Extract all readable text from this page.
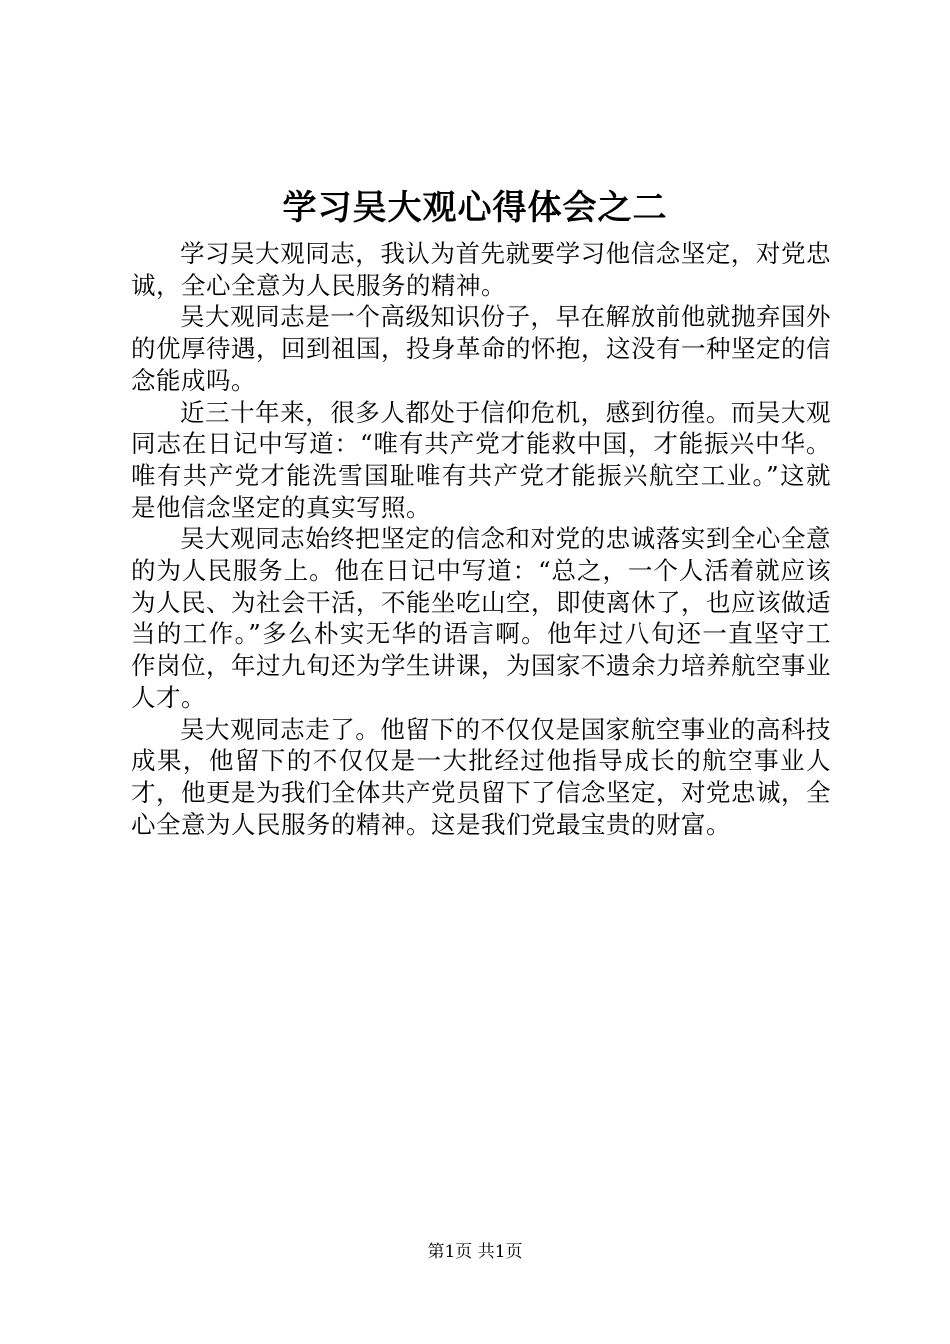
学习吴大观心得体会之二

学习吴大观同志，我认为首先就要学习他信念坚定，对党忠诚，全心全意为人民服务的精神。

吴大观同志是一个高级知识份子，早在解放前他就抛弃国外的优厚待遇，回到祖国，投身革命的怀抱，这没有一种坚定的信念能成吗。

近三十年来，很多人都处于信仰危机，感到彷徨。而吴大观同志在日记中写道：“唯有共产党才能救中国，才能振兴中华。唯有共产党才能洗雪国耻唯有共产党才能振兴航空工业。”这就是他信念坚定的真实写照。

吴大观同志始终把坚定的信念和对党的忠诚落实到全心全意的为人民服务上。他在日记中写道：“总之，一个人活着就应该为人民、为社会干活，不能坐吃山空，即使离休了，也应该做适当的工作。”多么朴实无华的语言啊。他年过八旬还一直坚守工作岗位，年过九旬还为学生讲课，为国家不遗余力培养航空事业人才。

吴大观同志走了。他留下的不仅仅是国家航空事业的高科技成果，他留下的不仅仅是一大批经过他指导成长的航空事业人才，他更是为我们全体共产党员留下了信念坚定，对党忠诚，全心全意为人民服务的精神。这是我们党最宝贵的财富。

第1页 共1页
